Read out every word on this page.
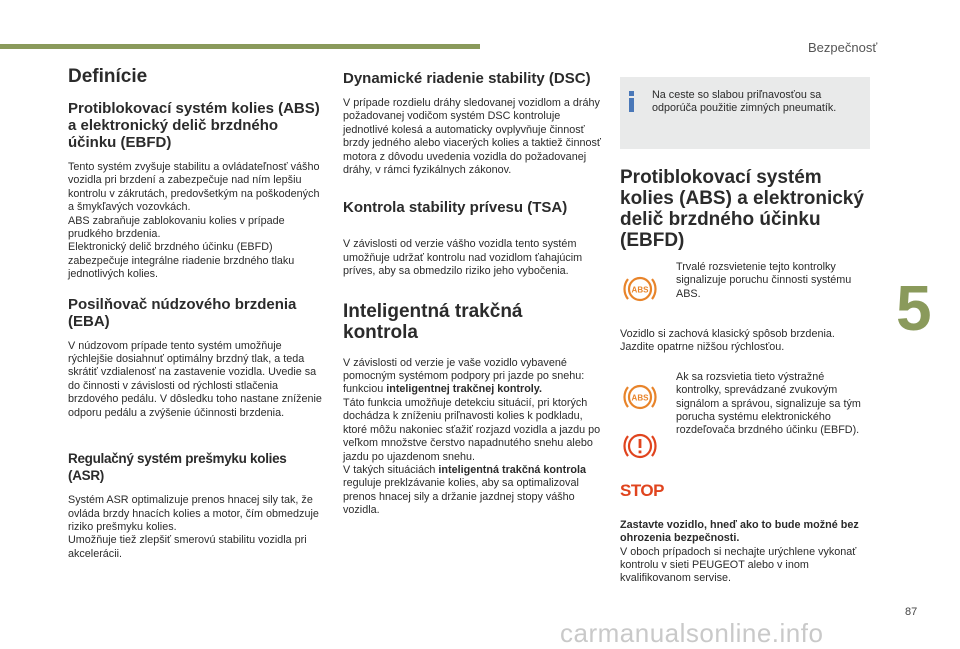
Bezpečnosť
5
Definície
Protiblokovací systém kolies (ABS) a elektronický delič brzdného účinku (EBFD)

Tento systém zvyšuje stabilitu a ovládateľnosť vášho vozidla pri brzdení a zabezpečuje nad ním lepšiu kontrolu v zákrutách, predovšetkým na poškodených a šmykľavých vozovkách.

ABS zabraňuje zablokovaniu kolies v prípade prudkého brzdenia.

Elektronický delič brzdného účinku (EBFD) zabezpečuje integrálne riadenie brzdného tlaku jednotlivých kolies.

Posilňovač núdzového brzdenia (EBA)

V núdzovom prípade tento systém umožňuje rýchlejšie dosiahnuť optimálny brzdný tlak, a teda skrátiť vzdialenosť na zastavenie vozidla. Uvedie sa do činnosti v závislosti od rýchlosti stlačenia brzdového pedálu. V dôsledku toho nastane zníženie odporu pedálu a zvýšenie účinnosti brzdenia.

Regulačný systém prešmyku kolies (ASR)

Systém ASR optimalizuje prenos hnacej sily tak, že ovláda brzdy hnacích kolies a motor, čím obmedzuje riziko prešmyku kolies.

Umožňuje tiež zlepšiť smerovú stabilitu vozidla pri akcelerácii.

Dynamické riadenie stability (DSC)

V prípade rozdielu dráhy sledovanej vozidlom a dráhy požadovanej vodičom systém DSC kontroluje jednotlivé kolesá a automaticky ovplyvňuje činnosť brzdy jedného alebo viacerých kolies a taktiež činnosť motora z dôvodu uvedenia vozidla do požadovanej dráhy, v rámci fyzikálnych zákonov.

Kontrola stability prívesu (TSA)

V závislosti od verzie vášho vozidla tento systém umožňuje udržať kontrolu nad vozidlom ťahajúcim príves, aby sa obmedzilo riziko jeho vybočenia.

Inteligentná trakčná kontrola

V závislosti od verzie je vaše vozidlo vybavené pomocným systémom podpory pri jazde po snehu: funkciou inteligentnej trakčnej kontroly.

Táto funkcia umožňuje detekciu situácií, pri ktorých dochádza k zníženiu priľnavosti kolies k podkladu, ktoré môžu nakoniec sťažiť rozjazd vozidla a jazdu po veľkom množstve čerstvo napadnutého snehu alebo jazdu po ujazdenom snehu.

V takých situáciách inteligentná trakčná kontrola reguluje preklzávanie kolies, aby sa optimalizoval prenos hnacej sily a držanie jazdnej stopy vášho vozidla.

Na ceste so slabou priľnavosťou sa odporúča použitie zimných pneumatík.
Protiblokovací systém kolies (ABS) a elektronický delič brzdného účinku (EBFD)
ABS
Trvalé rozsvietenie tejto kontrolky signalizuje poruchu činnosti systému ABS.

Vozidlo si zachová klasický spôsob brzdenia.

Jazdite opatrne nižšou rýchlosťou.

ABS

Ak sa rozsvietia tieto výstražné kontrolky, sprevádzané zvukovým signálom a správou, signalizuje sa tým porucha systému elektronického rozdeľovača brzdného účinku (EBFD).
STOP

Zastavte vozidlo, hneď ako to bude možné bez ohrozenia bezpečnosti.

V oboch prípadoch si nechajte urýchlene vykonať kontrolu v sieti PEUGEOT alebo v inom kvalifikovanom servise.

87
carmanualsonline.info
